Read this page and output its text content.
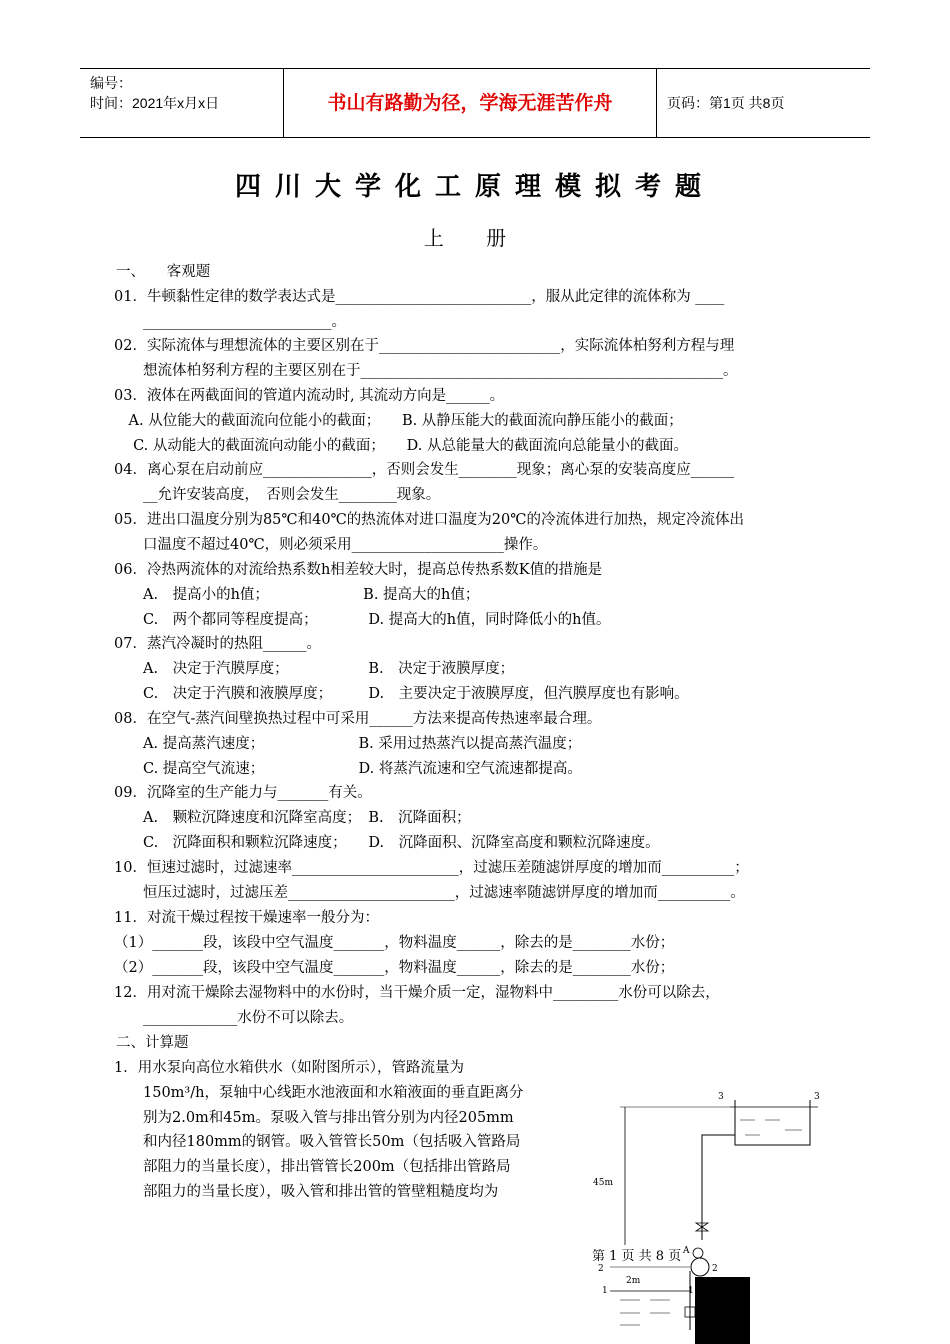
编号：
时间：2021年x月x日	书山有路勤为径，学海无涯苦作舟	页码：第1页 共8页
四川大学化工原理模拟考题
上 册
一、　　客观题
01．牛顿黏性定律的数学表达式是___________________________，服从此定律的流体称为 ____
　　__________________________。
02．实际流体与理想流体的主要区别在于_________________________，实际流体柏努利方程与理
　　想流体柏努利方程的主要区别在于__________________________________________________。
03．液体在两截面间的管道内流动时, 其流动方向是______。
　A. 从位能大的截面流向位能小的截面；　　B. 从静压能大的截面流向静压能小的截面；
　 C. 从动能大的截面流向动能小的截面；　　D. 从总能量大的截面流向总能量小的截面。
04．离心泵在启动前应_______________，否则会发生________现象；离心泵的安装高度应______
　　__允许安装高度，　否则会发生________现象。
05．进出口温度分别为85℃和40℃的热流体对进口温度为20℃的冷流体进行加热，规定冷流体出
　　口温度不超过40℃，则必须采用_____________________操作。
06．冷热两流体的对流给热系数h相差较大时，提高总传热系数K值的措施是
　　A.　提高小的h值；　　　　　　　B. 提高大的h值；
　　C.　两个都同等程度提高；　　　　D. 提高大的h值，同时降低小的h值。
07．蒸汽冷凝时的热阻______。
　　A.　决定于汽膜厚度；　　　　　　B.　决定于液膜厚度；
　　C.　决定于汽膜和液膜厚度；　　　D.　主要决定于液膜厚度，但汽膜厚度也有影响。
08．在空气-蒸汽间壁换热过程中可采用______方法来提高传热速率最合理。
　　A. 提高蒸汽速度；　　　　　　　B. 采用过热蒸汽以提高蒸汽温度；
　　C. 提高空气流速；　　　　　　　D. 将蒸汽流速和空气流速都提高。
09．沉降室的生产能力与_______有关。
　　A.　颗粒沉降速度和沉降室高度；　B.　沉降面积；
　　C.　沉降面积和颗粒沉降速度；　　D.　沉降面积、沉降室高度和颗粒沉降速度。
10．恒速过滤时，过滤速率_______________________，过滤压差随滤饼厚度的增加而__________；
　　恒压过滤时，过滤压差_______________________，过滤速率随滤饼厚度的增加而__________。
11．对流干燥过程按干燥速率一般分为：
（1）_______段，该段中空气温度_______，物料温度______，除去的是________水份；
（2）_______段，该段中空气温度_______，物料温度______，除去的是________水份；
12．用对流干燥除去湿物料中的水份时，当干燥介质一定，湿物料中_________水份可以除去，
　　_____________水份不可以除去。
二、计算题
1．用水泵向高位水箱供水（如附图所示），管路流量为
　　150m³/h，泵轴中心线距水池液面和水箱液面的垂直距离分
　　别为2.0m和45m。泵吸入管与排出管分别为内径205mm
　　和内径180mm的钢管。吸入管管长50m（包括吸入管路局
　　部阻力的当量长度），排出管管长200m（包括排出管路局
　　部阻力的当量长度），吸入管和排出管的管壁粗糙度均为
3	3
45m
A
2
2
2m
1	1
第 1 页 共 8 页
